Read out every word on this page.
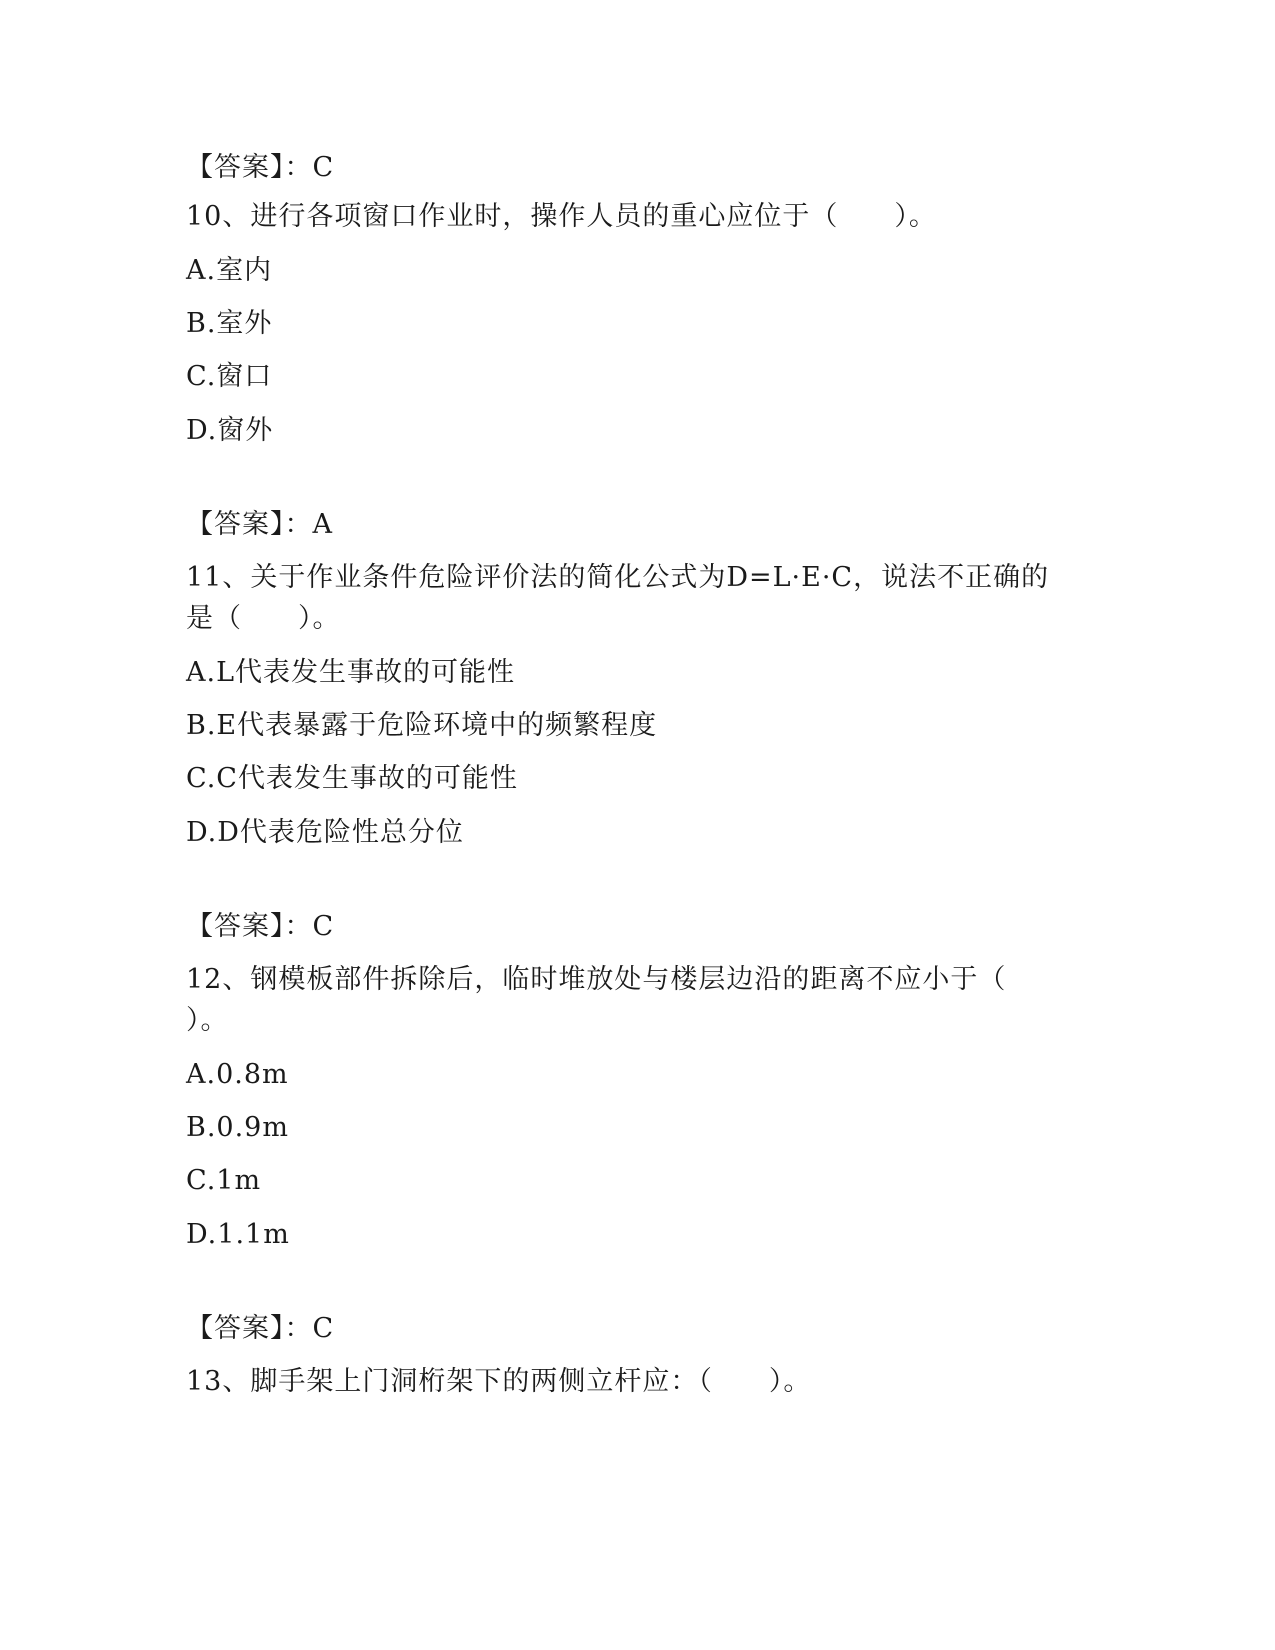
【答案】：C
10、进行各项窗口作业时，操作人员的重心应位于（　　）。
A.室内
B.室外
C.窗口
D.窗外
【答案】：A
11、关于作业条件危险评价法的简化公式为D=L·E·C，说法不正确的
是（　　）。
A.L代表发生事故的可能性
B.E代表暴露于危险环境中的频繁程度
C.C代表发生事故的可能性
D.D代表危险性总分位
【答案】：C
12、钢模板部件拆除后，临时堆放处与楼层边沿的距离不应小于（
）。
A.0.8m
B.0.9m
C.1m
D.1.1m
【答案】：C
13、脚手架上门洞桁架下的两侧立杆应：（　　）。
